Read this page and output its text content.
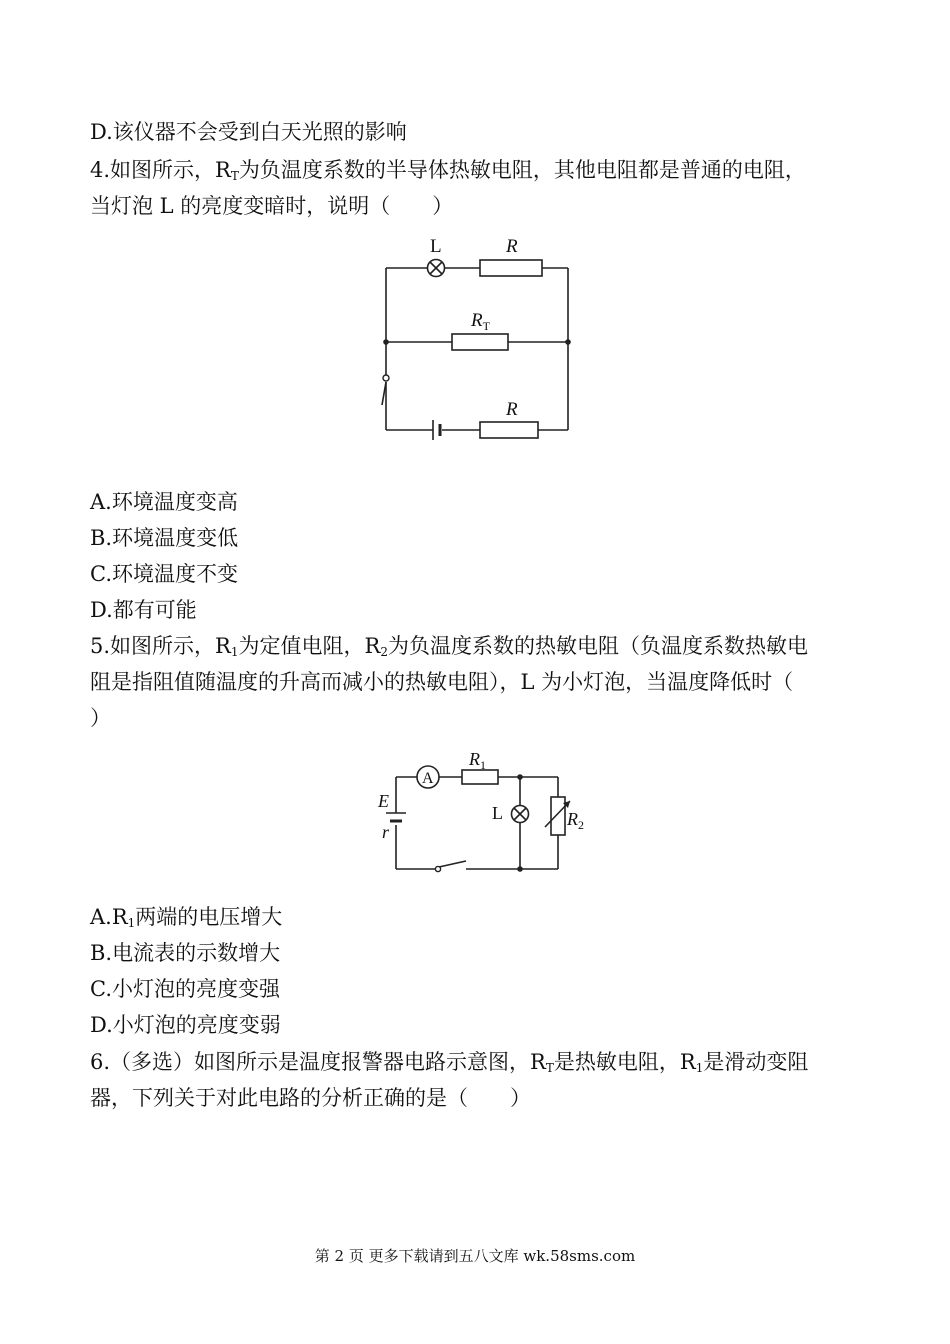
D.该仪器不会受到白天光照的影响
4.如图所示，$R_T$为负温度系数的半导体热敏电阻，其他电阻都是普通的电阻，
当灯泡 L 的亮度变暗时，说明（　　）
L	R
$R_T$
R
A.环境温度变高
B.环境温度变低
C.环境温度不变
D.都有可能
5.如图所示，$R_1$为定值电阻，$R_2$为负温度系数的热敏电阻（负温度系数热敏电
阻是指阻值随温度的升高而减小的热敏电阻），L 为小灯泡，当温度降低时（
）
A
$R_1$
E
r
L	$R_2$
$A.R_1$两端的电压增大
B.电流表的示数增大
C.小灯泡的亮度变强
D.小灯泡的亮度变弱
6.（多选）如图所示是温度报警器电路示意图，$R_T$是热敏电阻，$R_1$是滑动变阻
器，下列关于对此电路的分析正确的是（　　）
第 2 页 更多下载请到五八文库 wk.58sms.com
